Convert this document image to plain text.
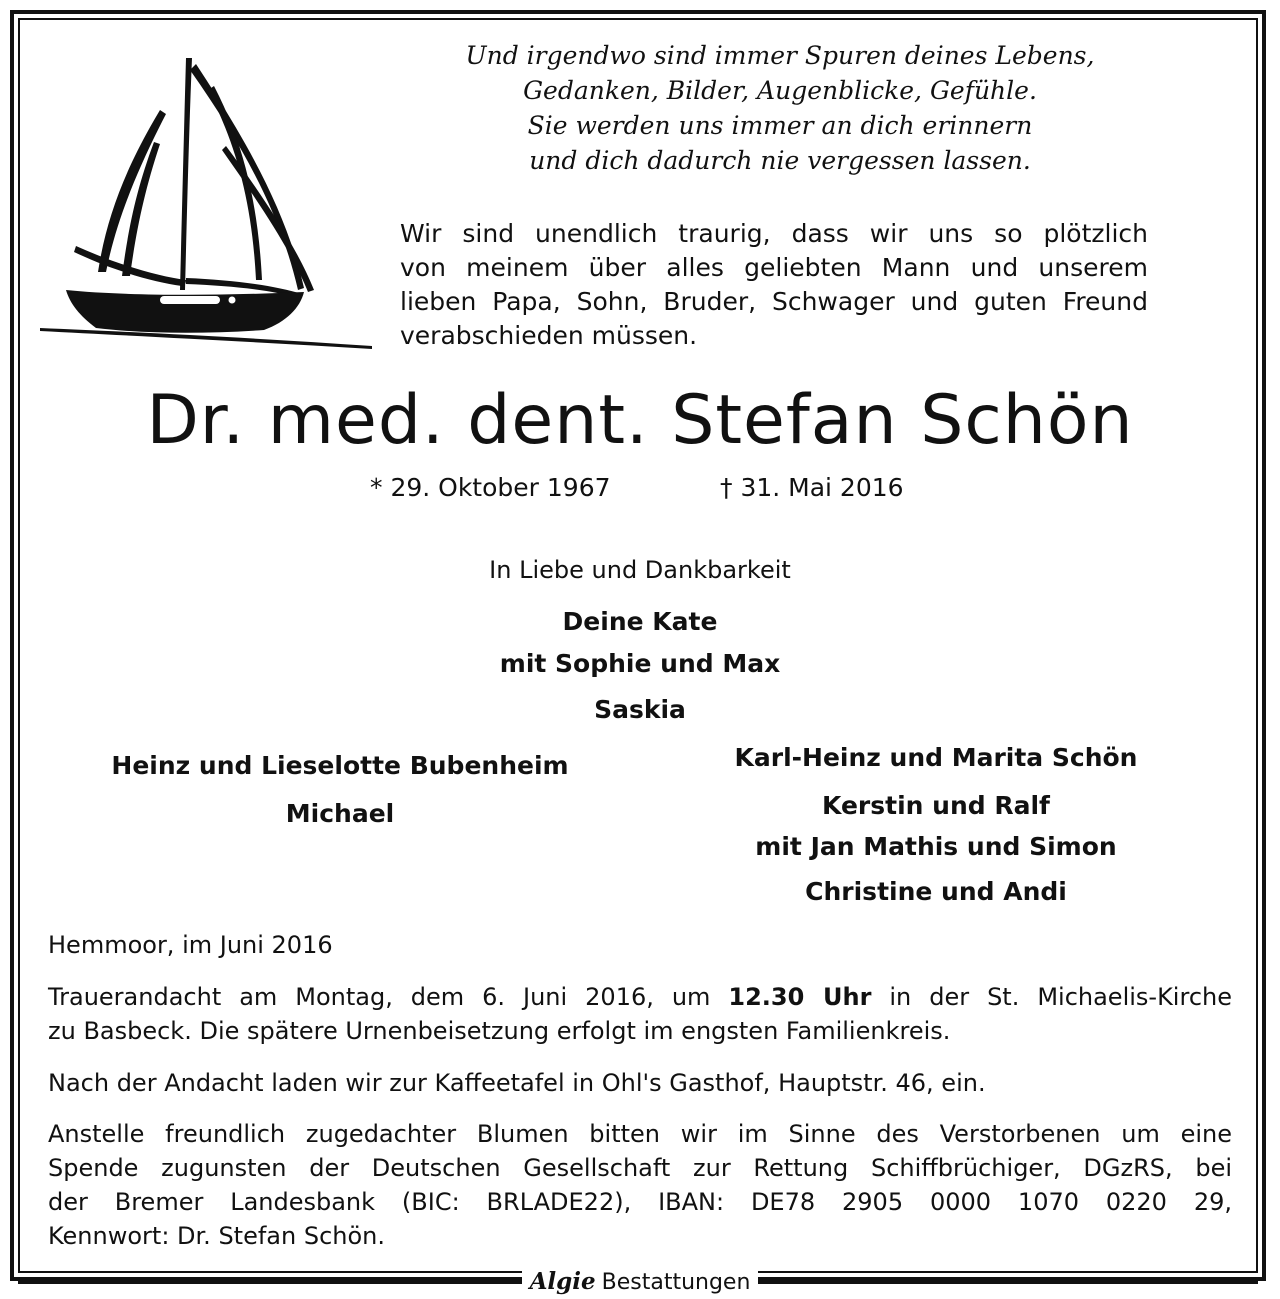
Und irgendwo sind immer Spuren deines Lebens,
Gedanken, Bilder, Augenblicke, Gefühle.
Sie werden uns immer an dich erinnern
und dich dadurch nie vergessen lassen.
Wir sind unendlich traurig, dass wir uns so plötzlich
von meinem über alles geliebten Mann und unserem
lieben Papa, Sohn, Bruder, Schwager und guten Freund
verabschieden müssen.
Dr. med. dent. Stefan Schön
* 29. Oktober 1967	† 31. Mai 2016
In Liebe und Dankbarkeit
Deine Kate
mit Sophie und Max
Saskia
Heinz und Lieselotte Bubenheim
Michael
Karl-Heinz und Marita Schön
Kerstin und Ralf
mit Jan Mathis und Simon
Christine und Andi
Hemmoor, im Juni 2016
Trauerandacht am Montag, dem 6. Juni 2016, um 12.30 Uhr in der St. Michaelis-Kirche
zu Basbeck. Die spätere Urnenbeisetzung erfolgt im engsten Familienkreis.
Nach der Andacht laden wir zur Kaffeetafel in Ohl's Gasthof, Hauptstr. 46, ein.
Anstelle freundlich zugedachter Blumen bitten wir im Sinne des Verstorbenen um eine
Spende zugunsten der Deutschen Gesellschaft zur Rettung Schiffbrüchiger, DGzRS, bei
der Bremer Landesbank (BIC: BRLADE22), IBAN: DE78 2905 0000 1070 0220 29,
Kennwort: Dr. Stefan Schön.
Algie Bestattungen
